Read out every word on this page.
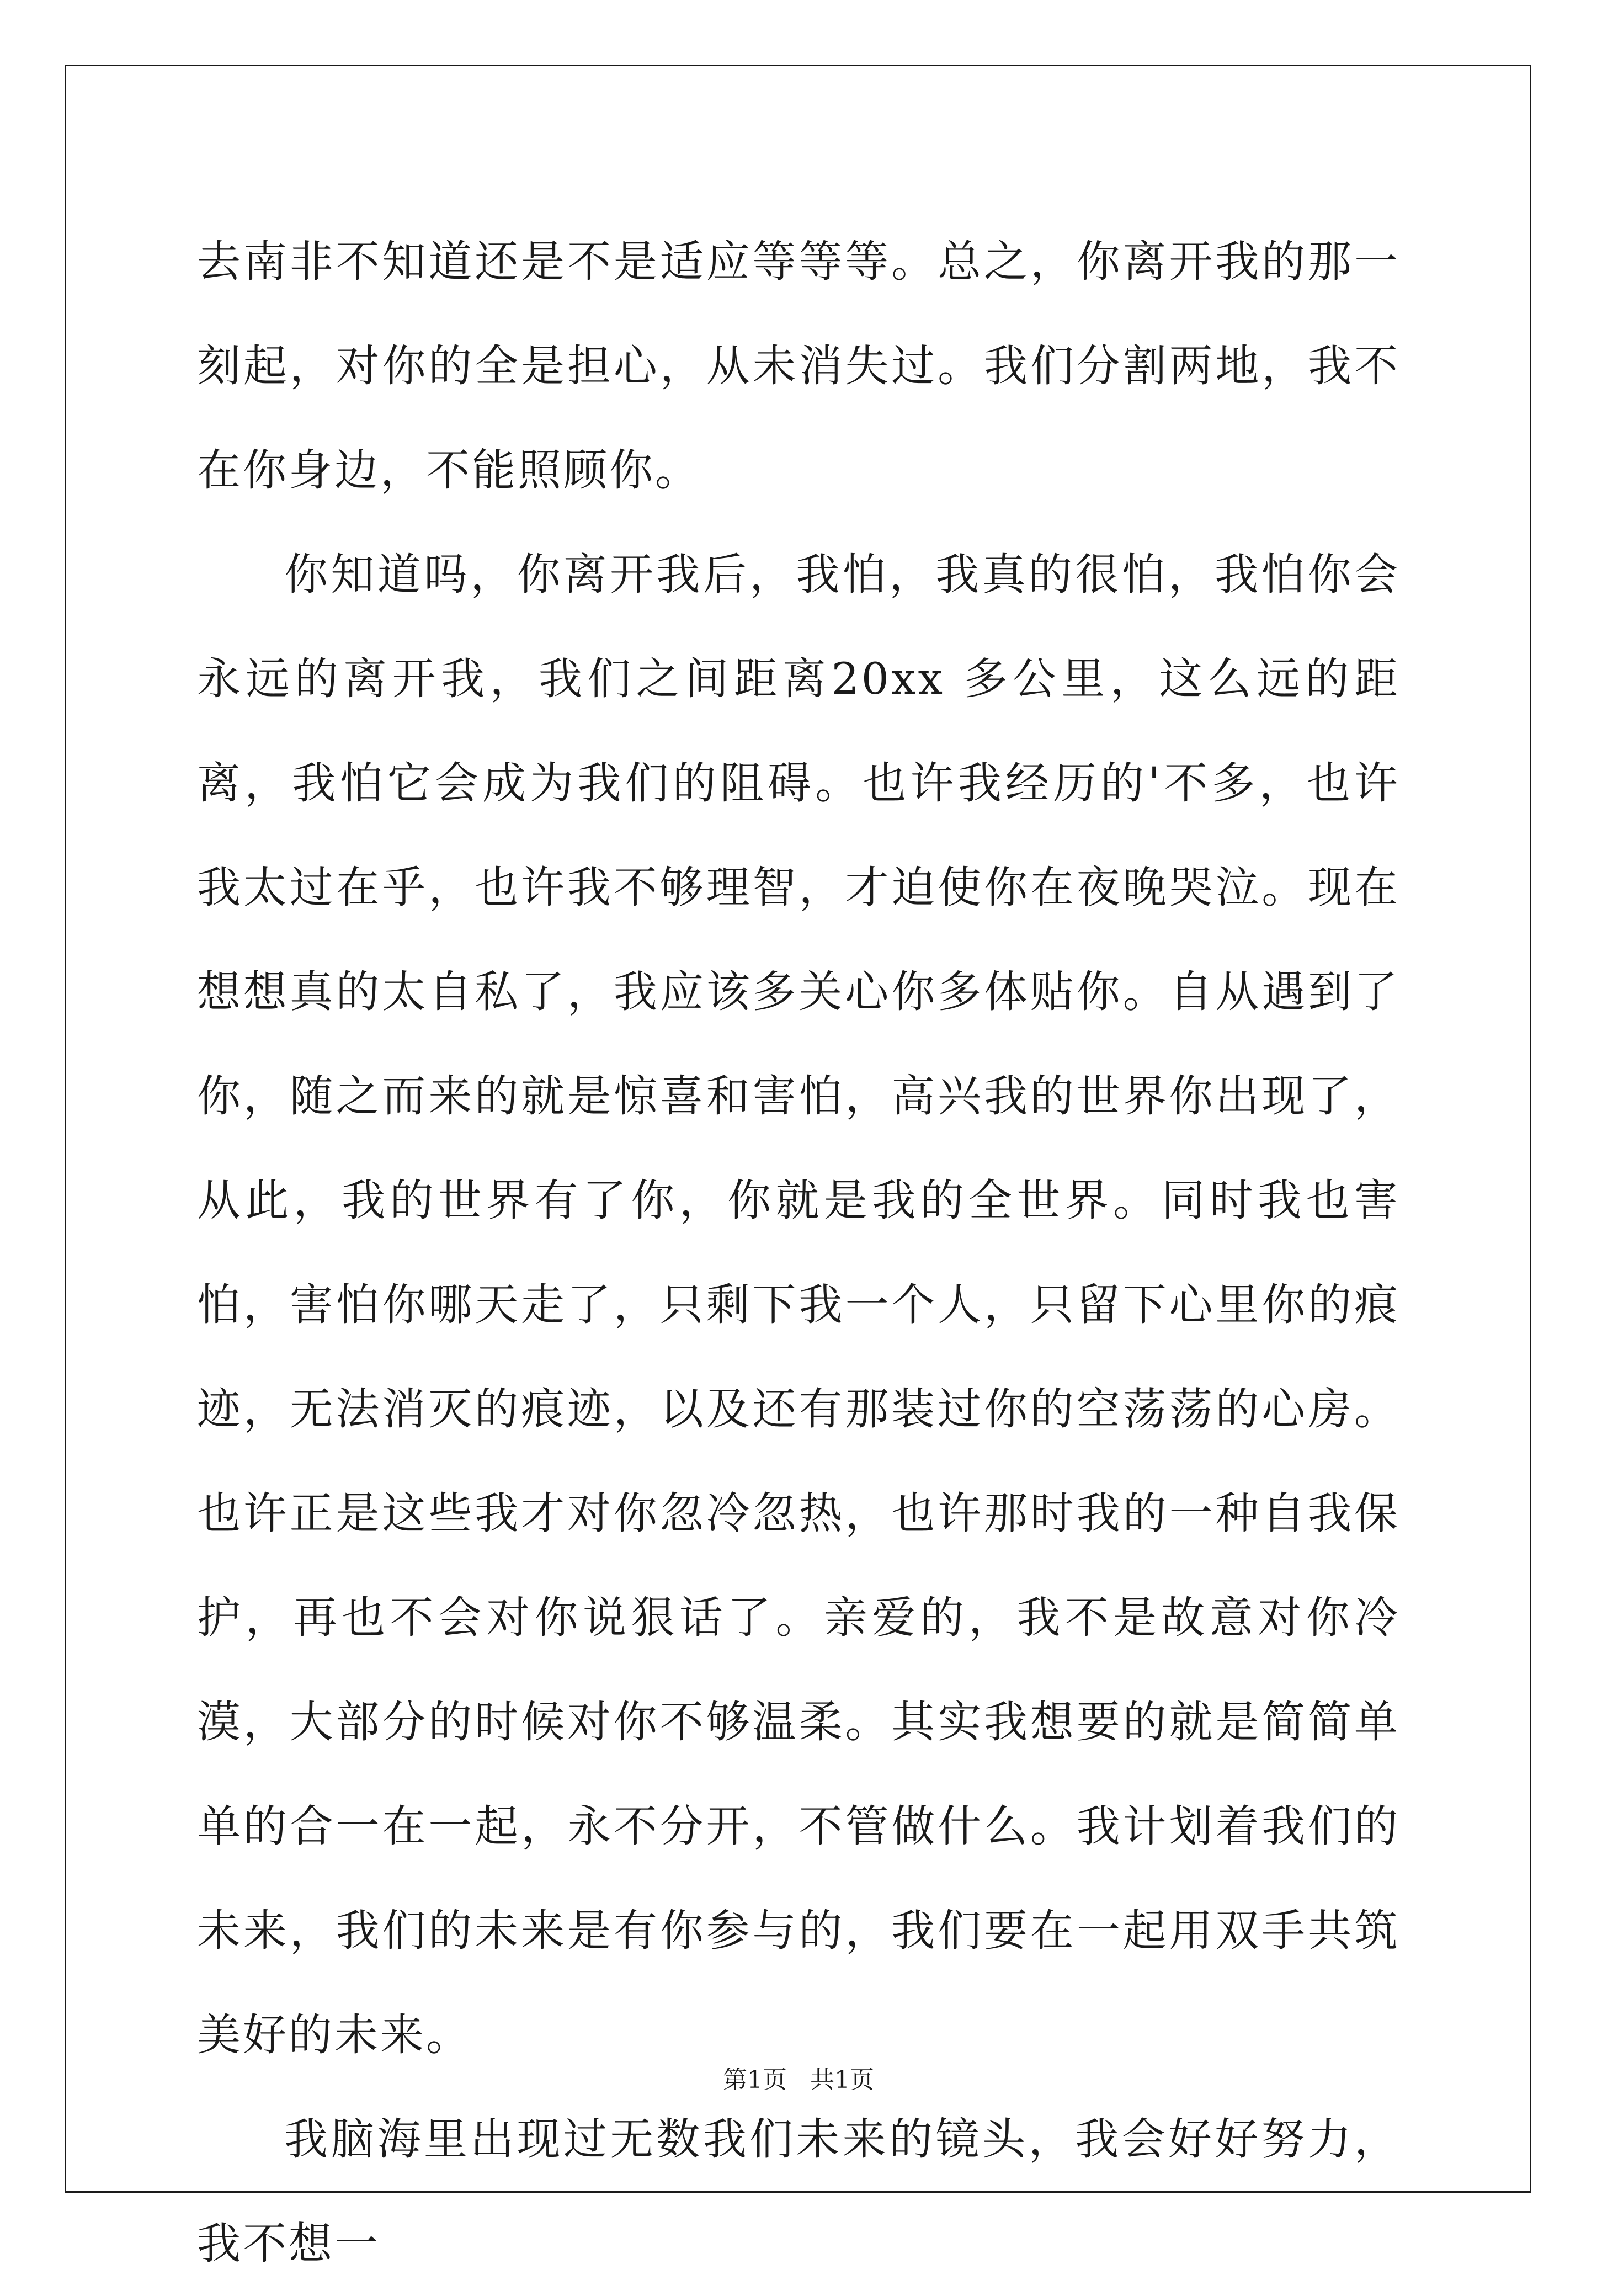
去南非不知道还是不是适应等等等。总之，你离开我的那一刻起，对你的全是担心，从未消失过。我们分割两地，我不在你身边，不能照顾你。

你知道吗，你离开我后，我怕，我真的很怕，我怕你会永远的离开我，我们之间距离20xx 多公里，这么远的距离，我怕它会成为我们的阻碍。也许我经历的'不多，也许我太过在乎，也许我不够理智，才迫使你在夜晚哭泣。现在想想真的太自私了，我应该多关心你多体贴你。自从遇到了你，随之而来的就是惊喜和害怕，高兴我的世界你出现了，从此，我的世界有了你，你就是我的全世界。同时我也害怕，害怕你哪天走了，只剩下我一个人，只留下心里你的痕迹，无法消灭的痕迹，以及还有那装过你的空荡荡的心房。也许正是这些我才对你忽冷忽热，也许那时我的一种自我保护，再也不会对你说狠话了。亲爱的，我不是故意对你冷漠，大部分的时候对你不够温柔。其实我想要的就是简简单单的合一在一起，永不分开，不管做什么。我计划着我们的未来，我们的未来是有你参与的，我们要在一起用双手共筑美好的未来。

我脑海里出现过无数我们未来的镜头，我会好好努力，我不想一

第1页   共1页
